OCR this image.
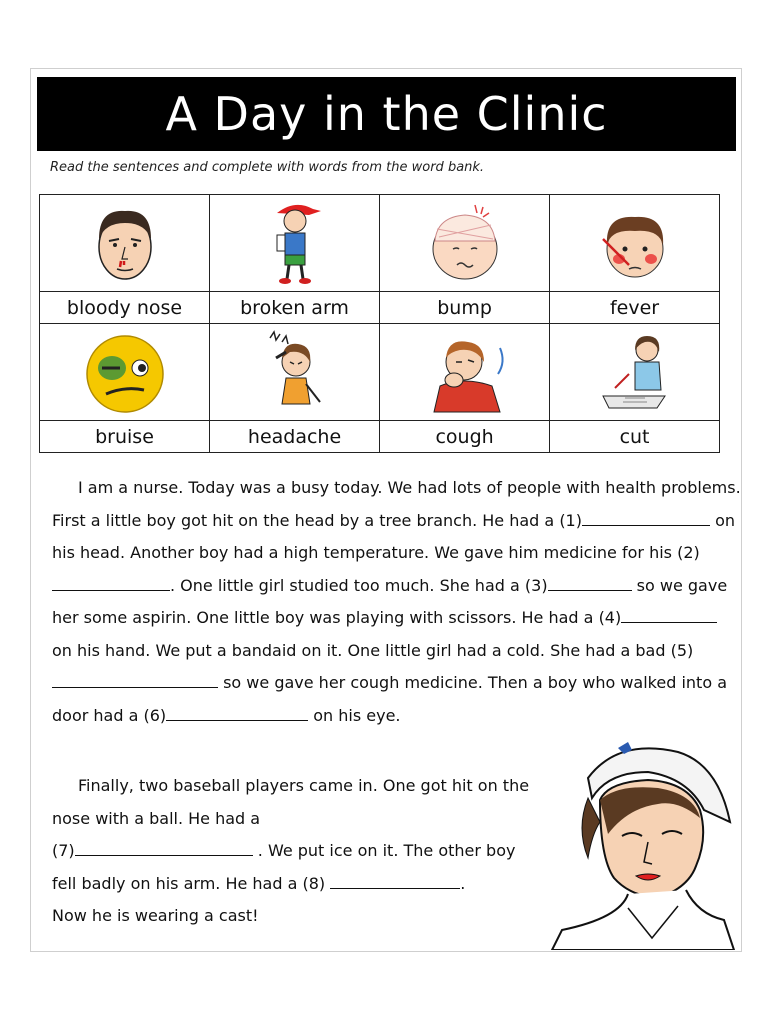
A Day in the Clinic
Read the sentences and complete with words from the word bank.

bloody nose	broken arm	bump	fever

bruise	headache	cough	cut
I am a nurse. Today was a busy today. We had lots of people with health problems. First a little boy got hit on the head by a tree branch. He had a (1)	on his head. Another boy had a high temperature. We gave him medicine for his (2). One little girl studied too much. She had a (3)	so we gave her some aspirin. One little boy was playing with scissors. He had a (4) on his hand. We put a bandaid on it. One little girl had a cold. She had a bad (5) so we gave her cough medicine. Then a boy who walked into a door had a (6)	on his eye.
Finally, two baseball players came in. One got hit on the nose with a ball. He had a
(7)	. We put ice on it. The other boy fell badly on his arm. He had a (8)	.
Now he is wearing a cast!
